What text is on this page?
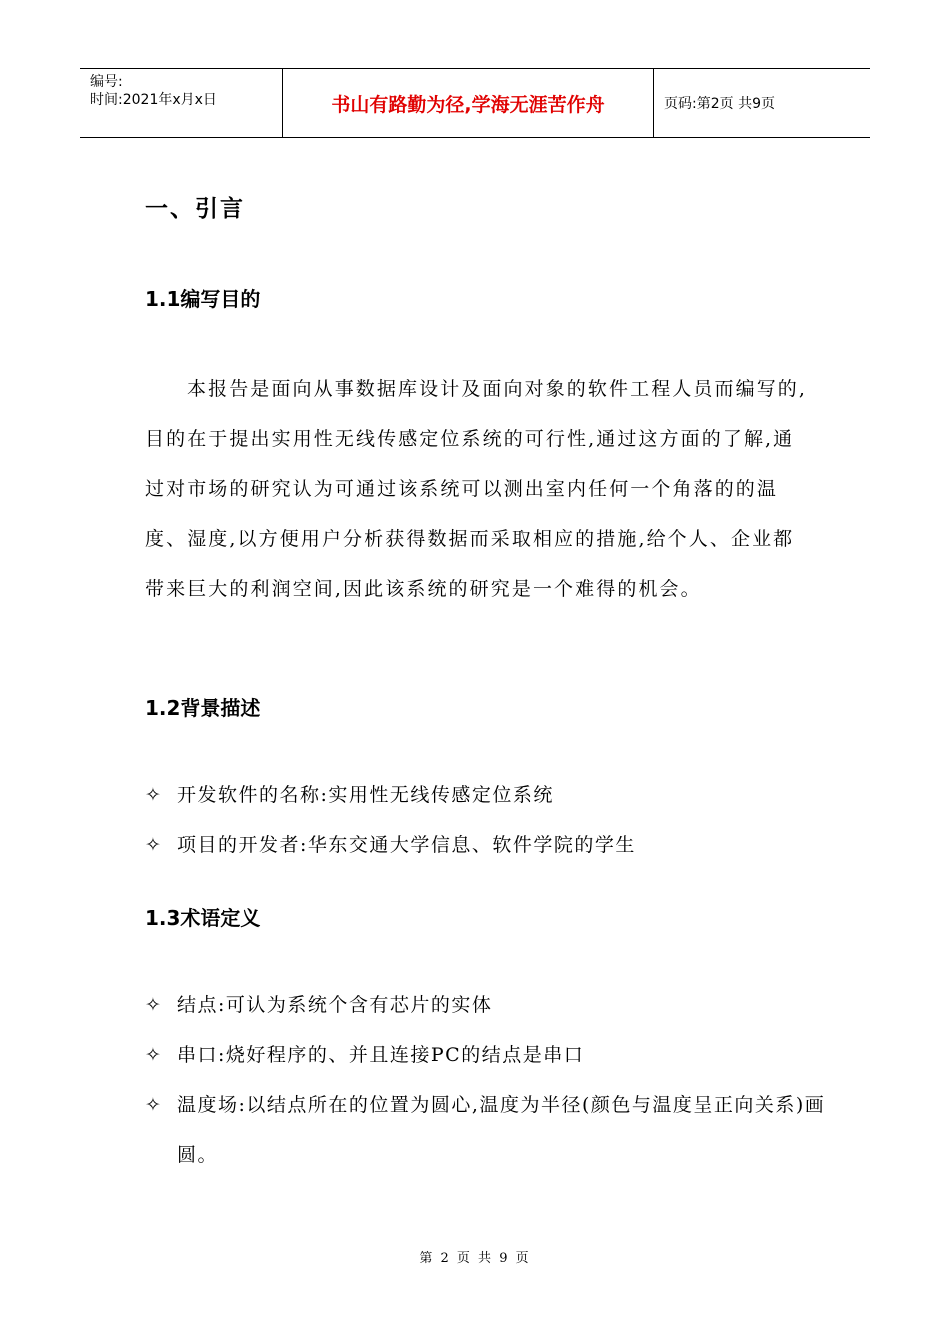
编号:
时间:2021年x月x日	书山有路勤为径,学海无涯苦作舟	页码:第2页 共9页
一、引言
1.1编写目的
本报告是面向从事数据库设计及面向对象的软件工程人员而编写的,目的在于提出实用性无线传感定位系统的可行性,通过这方面的了解,通过对市场的研究认为可通过该系统可以测出室内任何一个角落的的温度、湿度,以方便用户分析获得数据而采取相应的措施,给个人、企业都带来巨大的利润空间,因此该系统的研究是一个难得的机会。
1.2背景描述
✧ 开发软件的名称:实用性无线传感定位系统
✧ 项目的开发者:华东交通大学信息、软件学院的学生
1.3术语定义
✧ 结点:可认为系统个含有芯片的实体
✧ 串口:烧好程序的、并且连接PC的结点是串口
✧ 温度场:以结点所在的位置为圆心,温度为半径(颜色与温度呈正向关系)画圆。
第 2 页 共 9 页
